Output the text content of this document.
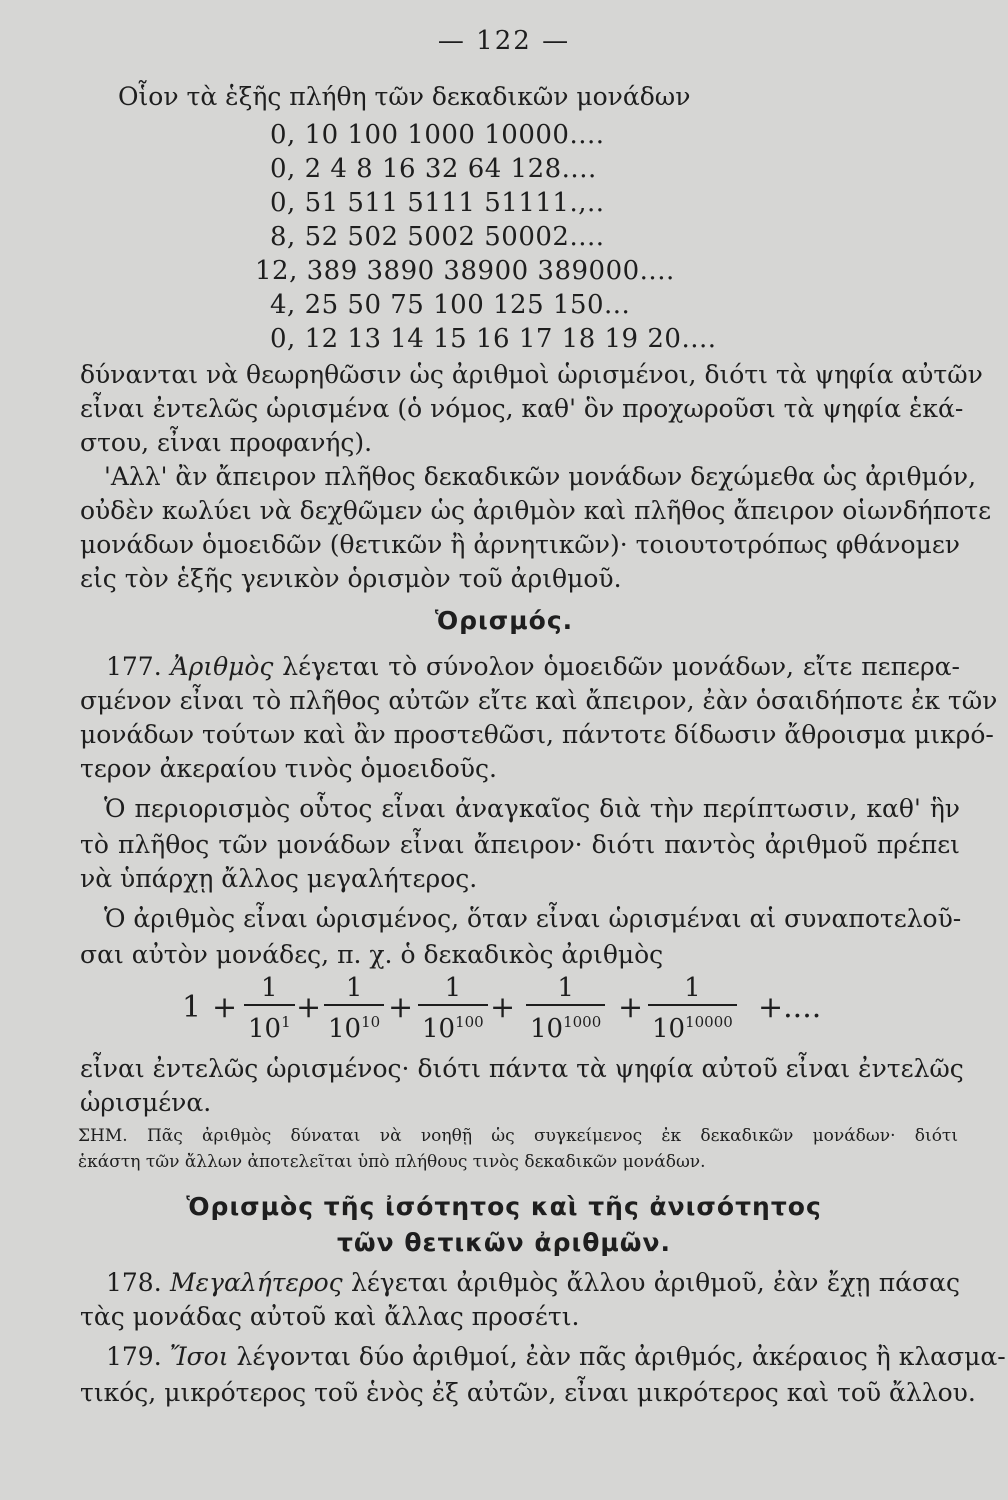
— 122 —
Οἷον τὰ ἑξῆς πλήθη τῶν δεκαδικῶν μονάδων
0, 10 100 1000 10000....
0, 2 4 8 16 32 64 128....
0, 51 511 5111 51111.,..
8, 52 502 5002 50002....
12, 389 3890 38900 389000....
4, 25 50 75 100 125 150...
0, 12 13 14 15 16 17 18 19 20....
δύνανται νὰ θεωρηθῶσιν ὡς ἀριθμοὶ ὡρισμένοι, διότι τὰ ψηφία αὐτῶν
εἶναι ἐντελῶς ὡρισμένα (ὁ νόμος, καθ' ὃν προχωροῦσι τὰ ψηφία ἑκά-
στου, εἶναι προφανής).
'Αλλ' ἂν ἄπειρον πλῆθος δεκαδικῶν μονάδων δεχώμεθα ὡς ἀριθμόν,
οὐδὲν κωλύει νὰ δεχθῶμεν ὡς ἀριθμὸν καὶ πλῆθος ἄπειρον οἱωνδήποτε
μονάδων ὁμοειδῶν (θετικῶν ἢ ἀρνητικῶν)· τοιουτοτρόπως φθάνομεν
εἰς τὸν ἑξῆς γενικὸν ὁρισμὸν τοῦ ἀριθμοῦ.
Ὁρισμός.
177. Ἀριθμὸς λέγεται τὸ σύνολον ὁμοειδῶν μονάδων, εἴτε πεπερα-
σμένον εἶναι τὸ πλῆθος αὐτῶν εἴτε καὶ ἄπειρον, ἐὰν ὁσαιδήποτε ἐκ τῶν
μονάδων τούτων καὶ ἂν προστεθῶσι, πάντοτε δίδωσιν ἄθροισμα μικρό-
τερον ἀκεραίου τινὸς ὁμοειδοῦς.
Ὁ περιορισμὸς οὗτος εἶναι ἀναγκαῖος διὰ τὴν περίπτωσιν, καθ' ἣν
τὸ πλῆθος τῶν μονάδων εἶναι ἄπειρον· διότι παντὸς ἀριθμοῦ πρέπει
νὰ ὑπάρχῃ ἄλλος μεγαλήτερος.
Ὁ ἀριθμὸς εἶναι ὡρισμένος, ὅταν εἶναι ὡρισμέναι αἱ συναποτελοῦ-
σαι αὐτὸν μονάδες, π. χ. ὁ δεκαδικὸς ἀριθμὸς
$1 + \frac{1}{10^1} + \frac{1}{10^{10}} + \frac{1}{10^{100}} + \frac{1}{10^{1000}} + \frac{1}{10^{10000}}$ +....
εἶναι ἐντελῶς ὡρισμένος· διότι πάντα τὰ ψηφία αὐτοῦ εἶναι ἐντελῶς
ὡρισμένα.
ΣΗΜ. Πᾶς ἀριθμὸς δύναται νὰ νοηθῇ ὡς συγκείμενος ἐκ δεκαδικῶν μονάδων· διότι
ἑκάστη τῶν ἄλλων ἀποτελεῖται ὑπὸ πλήθους τινὸς δεκαδικῶν μονάδων.
Ὁρισμὸς τῆς ἰσότητος καὶ τῆς ἀνισότητος
τῶν θετικῶν ἀριθμῶν.
178. Μεγαλήτερος λέγεται ἀριθμὸς ἄλλου ἀριθμοῦ, ἐὰν ἔχῃ πάσας
τὰς μονάδας αὐτοῦ καὶ ἄλλας προσέτι.
179. Ἴσοι λέγονται δύο ἀριθμοί, ἐὰν πᾶς ἀριθμός, ἀκέραιος ἢ κλασμα-
τικός, μικρότερος τοῦ ἑνὸς ἐξ αὐτῶν, εἶναι μικρότερος καὶ τοῦ ἄλλου.
